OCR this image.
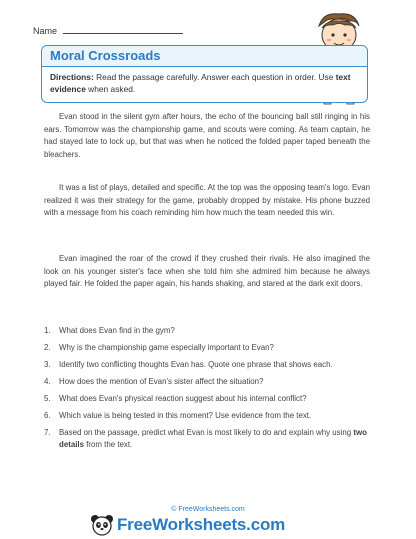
Name
Moral Crossroads
Directions: Read the passage carefully. Answer each question in order. Use text evidence when asked.

Evan stood in the silent gym after hours, the echo of the bouncing ball still ringing in his ears. Tomorrow was the championship game, and scouts were coming. As team captain, he had stayed late to lock up, but that was when he noticed the folded paper taped beneath the bleachers.

It was a list of plays, detailed and specific. At the top was the opposing team's logo. Evan realized it was their strategy for the game, probably dropped by mistake. His phone buzzed with a message from his coach reminding him how much the team needed this win.

Evan imagined the roar of the crowd if they crushed their rivals. He also imagined the look on his younger sister's face when she told him she admired him because he always played fair. He folded the paper again, his hands shaking, and stared at the dark exit doors.

1. What does Evan find in the gym?
2. Why is the championship game especially important to Evan?
3. Identify two conflicting thoughts Evan has. Quote one phrase that shows each.
4. How does the mention of Evan's sister affect the situation?
5. What does Evan's physical reaction suggest about his internal conflict?
6. Which value is being tested in this moment? Use evidence from the text.
7. Based on the passage, predict what Evan is most likely to do and explain why using two details from the text.
© FreeWorksheets.com
FreeWorksheets.com
